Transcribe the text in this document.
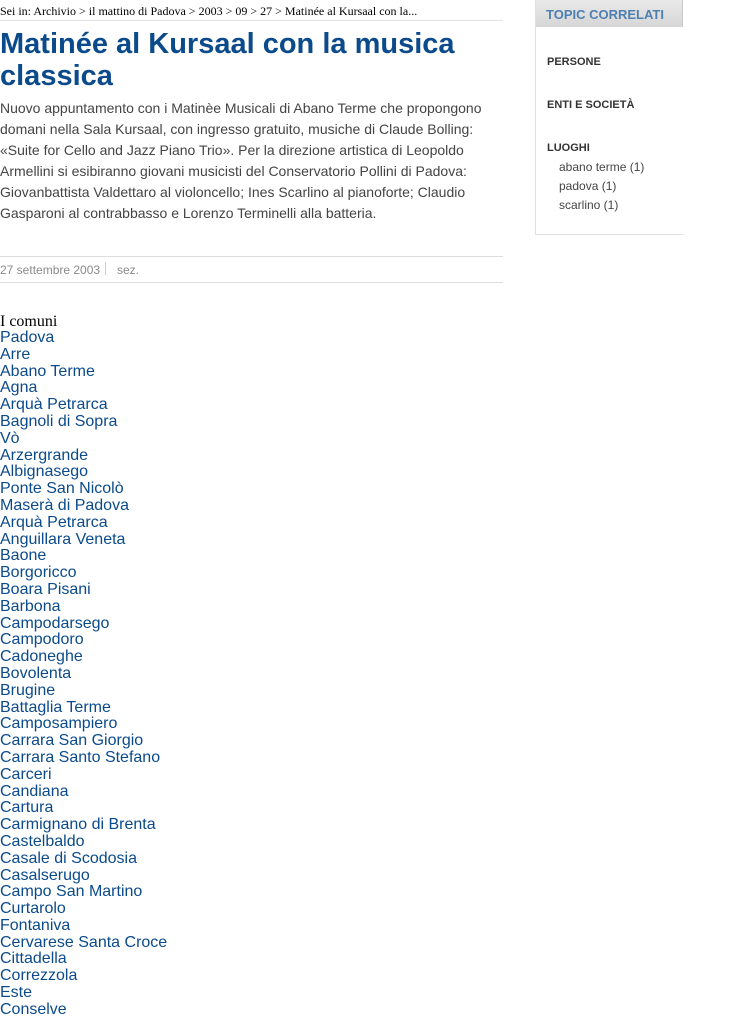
Sei in: Archivio > il mattino di Padova > 2003 > 09 > 27 > Matinée al Kursaal con la...
Matinée al Kursaal con la musica classica

Nuovo appuntamento con i Matinèe Musicali di Abano Terme che propongono domani nella Sala Kursaal, con ingresso gratuito, musiche di Claude Bolling: «Suite for Cello and Jazz Piano Trio». Per la direzione artistica di Leopoldo Armellini si esibiranno giovani musicisti del Conservatorio Pollini di Padova: Giovanbattista Valdettaro al violoncello; Ines Scarlino al pianoforte; Claudio Gasparoni al contrabbasso e Lorenzo Terminelli alla batteria.

27 settembre 2003 sez.
I comuni
Padova
Arre
Abano Terme
Agna
Arquà Petrarca
Bagnoli di Sopra
Vò
Arzergrande
Albignasego
Ponte San Nicolò
Maserà di Padova
Arquà Petrarca
Anguillara Veneta
Baone
Borgoricco
Boara Pisani
Barbona
Campodarsego
Campodoro
Cadoneghe
Bovolenta
Brugine
Battaglia Terme
Camposampiero
Carrara San Giorgio
Carrara Santo Stefano
Carceri
Candiana
Cartura
Carmignano di Brenta
Castelbaldo
Casale di Scodosia
Casalserugo
Campo San Martino
Curtarolo
Fontaniva
Cervarese Santa Croce
Cittadella
Correzzola
Este
Conselve
TOPIC CORRELATI
PERSONE
ENTI E SOCIETÀ
LUOGHI
abano terme (1)
padova (1)
scarlino (1)
